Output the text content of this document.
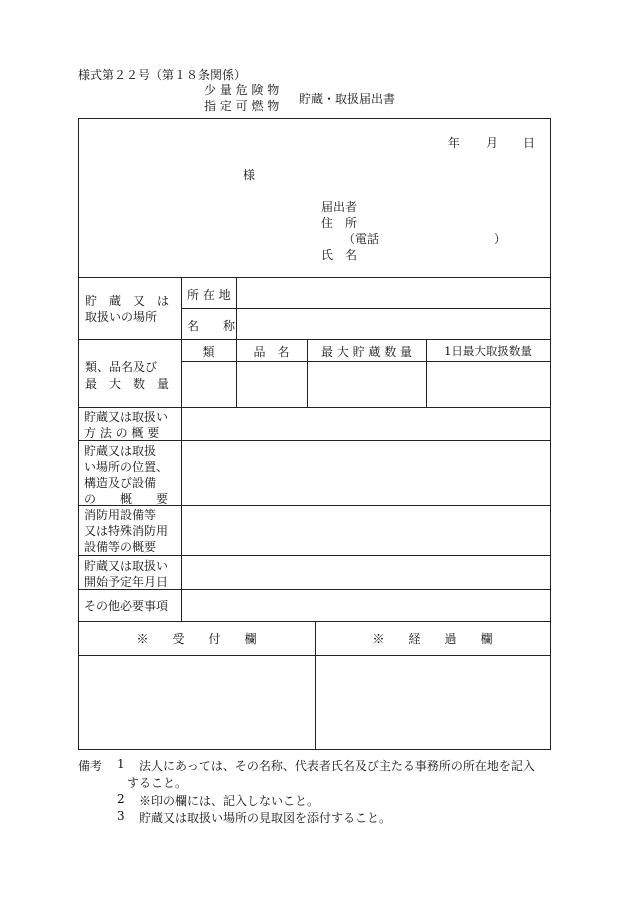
様式第２２号（第１８条関係）
少 量 危 険 物
指 定 可 燃 物 貯蔵・取扱届出書
年 月 日
様
届出者
住　所
（電話	）
氏　名
貯　蔵　又　は
取扱いの場所
所 在 地
名　　称
類、品名及び
最　大　数　量
類	品　名	最 大 貯 蔵 数 量	1日最大取扱数量
貯蔵又は取扱い
方 法 の 概 要
貯蔵又は取扱
い場所の位置、
構造及び設備
の　　概　　要
消防用設備等
又は特殊消防用
設備等の概要
貯蔵又は取扱い
開始予定年月日
その他必要事項
※　　受　　付　　欄	※　　経　　過　　欄
備考 1 法人にあっては、その名称、代表者氏名及び主たる事務所の所在地を記入
すること。
2 ※印の欄には、記入しないこと。
3 貯蔵又は取扱い場所の見取図を添付すること。
